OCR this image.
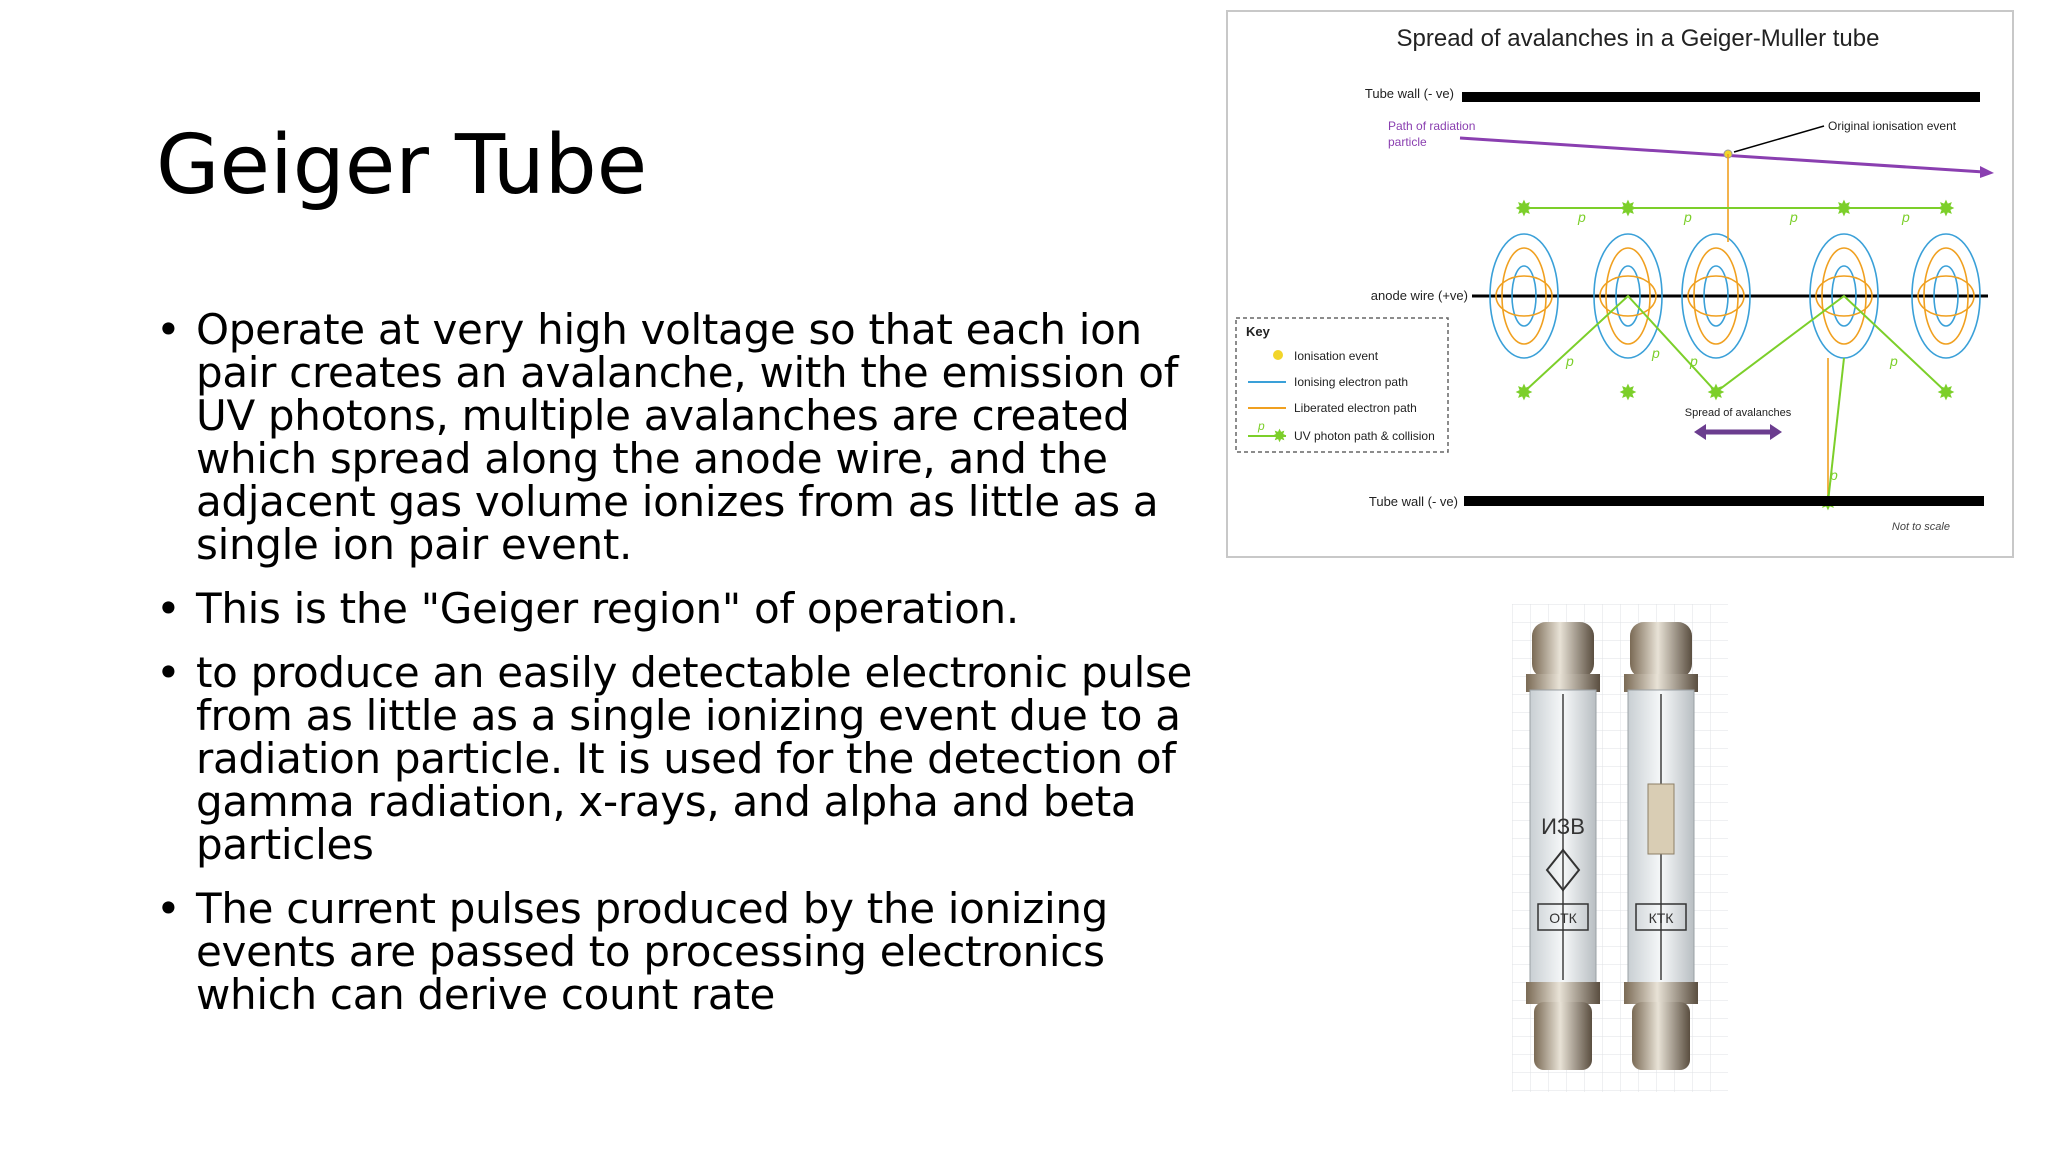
Geiger Tube
• Operate at very high voltage so that each ion pair creates an avalanche, with the emission of UV photons, multiple avalanches are created which spread along the anode wire, and the adjacent gas volume ionizes from as little as a single ion pair event.
• This is the "Geiger region" of operation.
• to produce an easily detectable electronic pulse from as little as a single ionizing event due to a radiation particle. It is used for the detection of gamma radiation, x-rays, and alpha and beta particles
• The current pulses produced by the ionizing events are passed to processing electronics which can derive count rate
Spread of avalanches in a Geiger-Muller tube
Tube wall (- ve)
Path of radiation
particle
Original ionisation event
anode wire (+ve)
✸	✸	✸	✸
✸	✸	✸	✸
p	p	p	p
p	p p	p
p
Spread of avalanches
Tube wall (- ve)
Not to scale
Key
Ionisation event
Ionising electron path
Liberated electron path
✸
p
UV photon path & collision
ИЗВ
ОТК	КТК
